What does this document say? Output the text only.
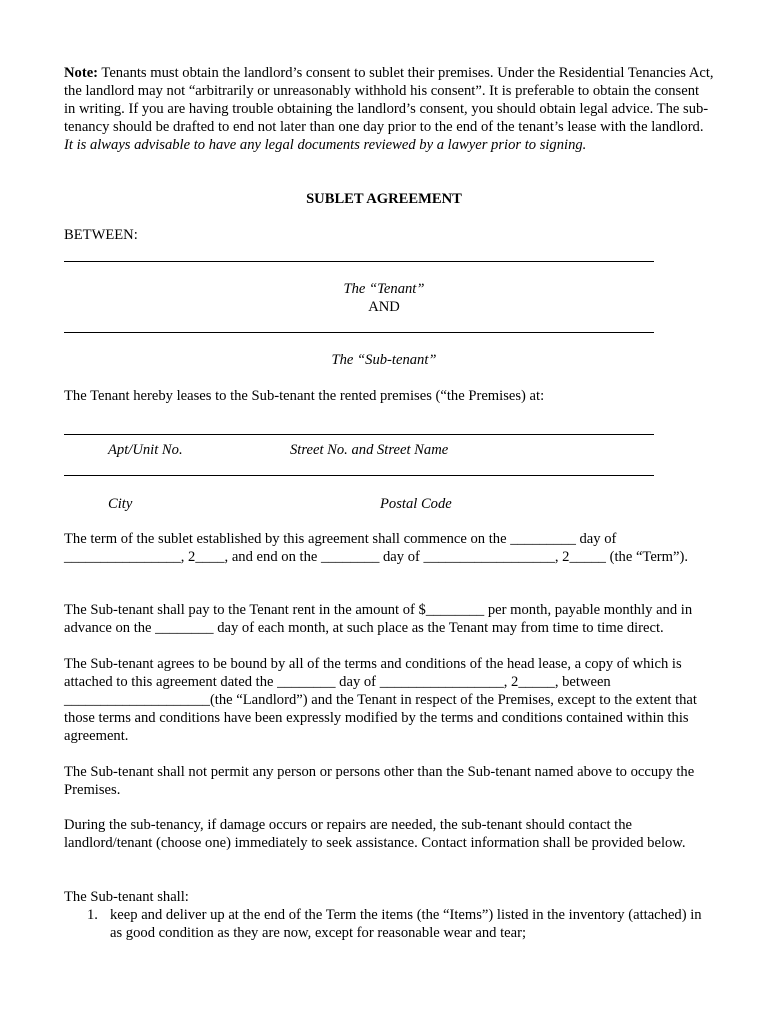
Note: Tenants must obtain the landlord’s consent to sublet their premises. Under the Residential Tenancies Act, the landlord may not “arbitrarily or unreasonably withhold his consent”. It is preferable to obtain the consent in writing. If you are having trouble obtaining the landlord’s consent, you should obtain legal advice. The sub-tenancy should be drafted to end not later than one day prior to the end of the tenant’s lease with the landlord. It is always advisable to have any legal documents reviewed by a lawyer prior to signing.

SUBLET AGREEMENT
BETWEEN:
The “Tenant”
AND
The “Sub-tenant”
The Tenant hereby leases to the Sub-tenant the rented premises (“the Premises) at:
Apt/Unit No.	Street No. and Street Name
City	Postal Code

The term of the sublet established by this agreement shall commence on the _________ day of ________________, 2____, and end on the ________ day of __________________, 2_____ (the “Term”).

The Sub-tenant shall pay to the Tenant rent in the amount of $________ per month, payable monthly and in advance on the ________ day of each month, at such place as the Tenant may from time to time direct.

The Sub-tenant agrees to be bound by all of the terms and conditions of the head lease, a copy of which is attached to this agreement dated the ________ day of _________________, 2_____, between ____________________(the “Landlord”) and the Tenant in respect of the Premises, except to the extent that those terms and conditions have been expressly modified by the terms and conditions contained within this agreement.

The Sub-tenant shall not permit any person or persons other than the Sub-tenant named above to occupy the Premises.

During the sub-tenancy, if damage occurs or repairs are needed, the sub-tenant should contact the landlord/tenant (choose one) immediately to seek assistance. Contact information shall be provided below.

The Sub-tenant shall:
1. keep and deliver up at the end of the Term the items (the “Items”) listed in the inventory (attached) in as good condition as they are now, except for reasonable wear and tear;
